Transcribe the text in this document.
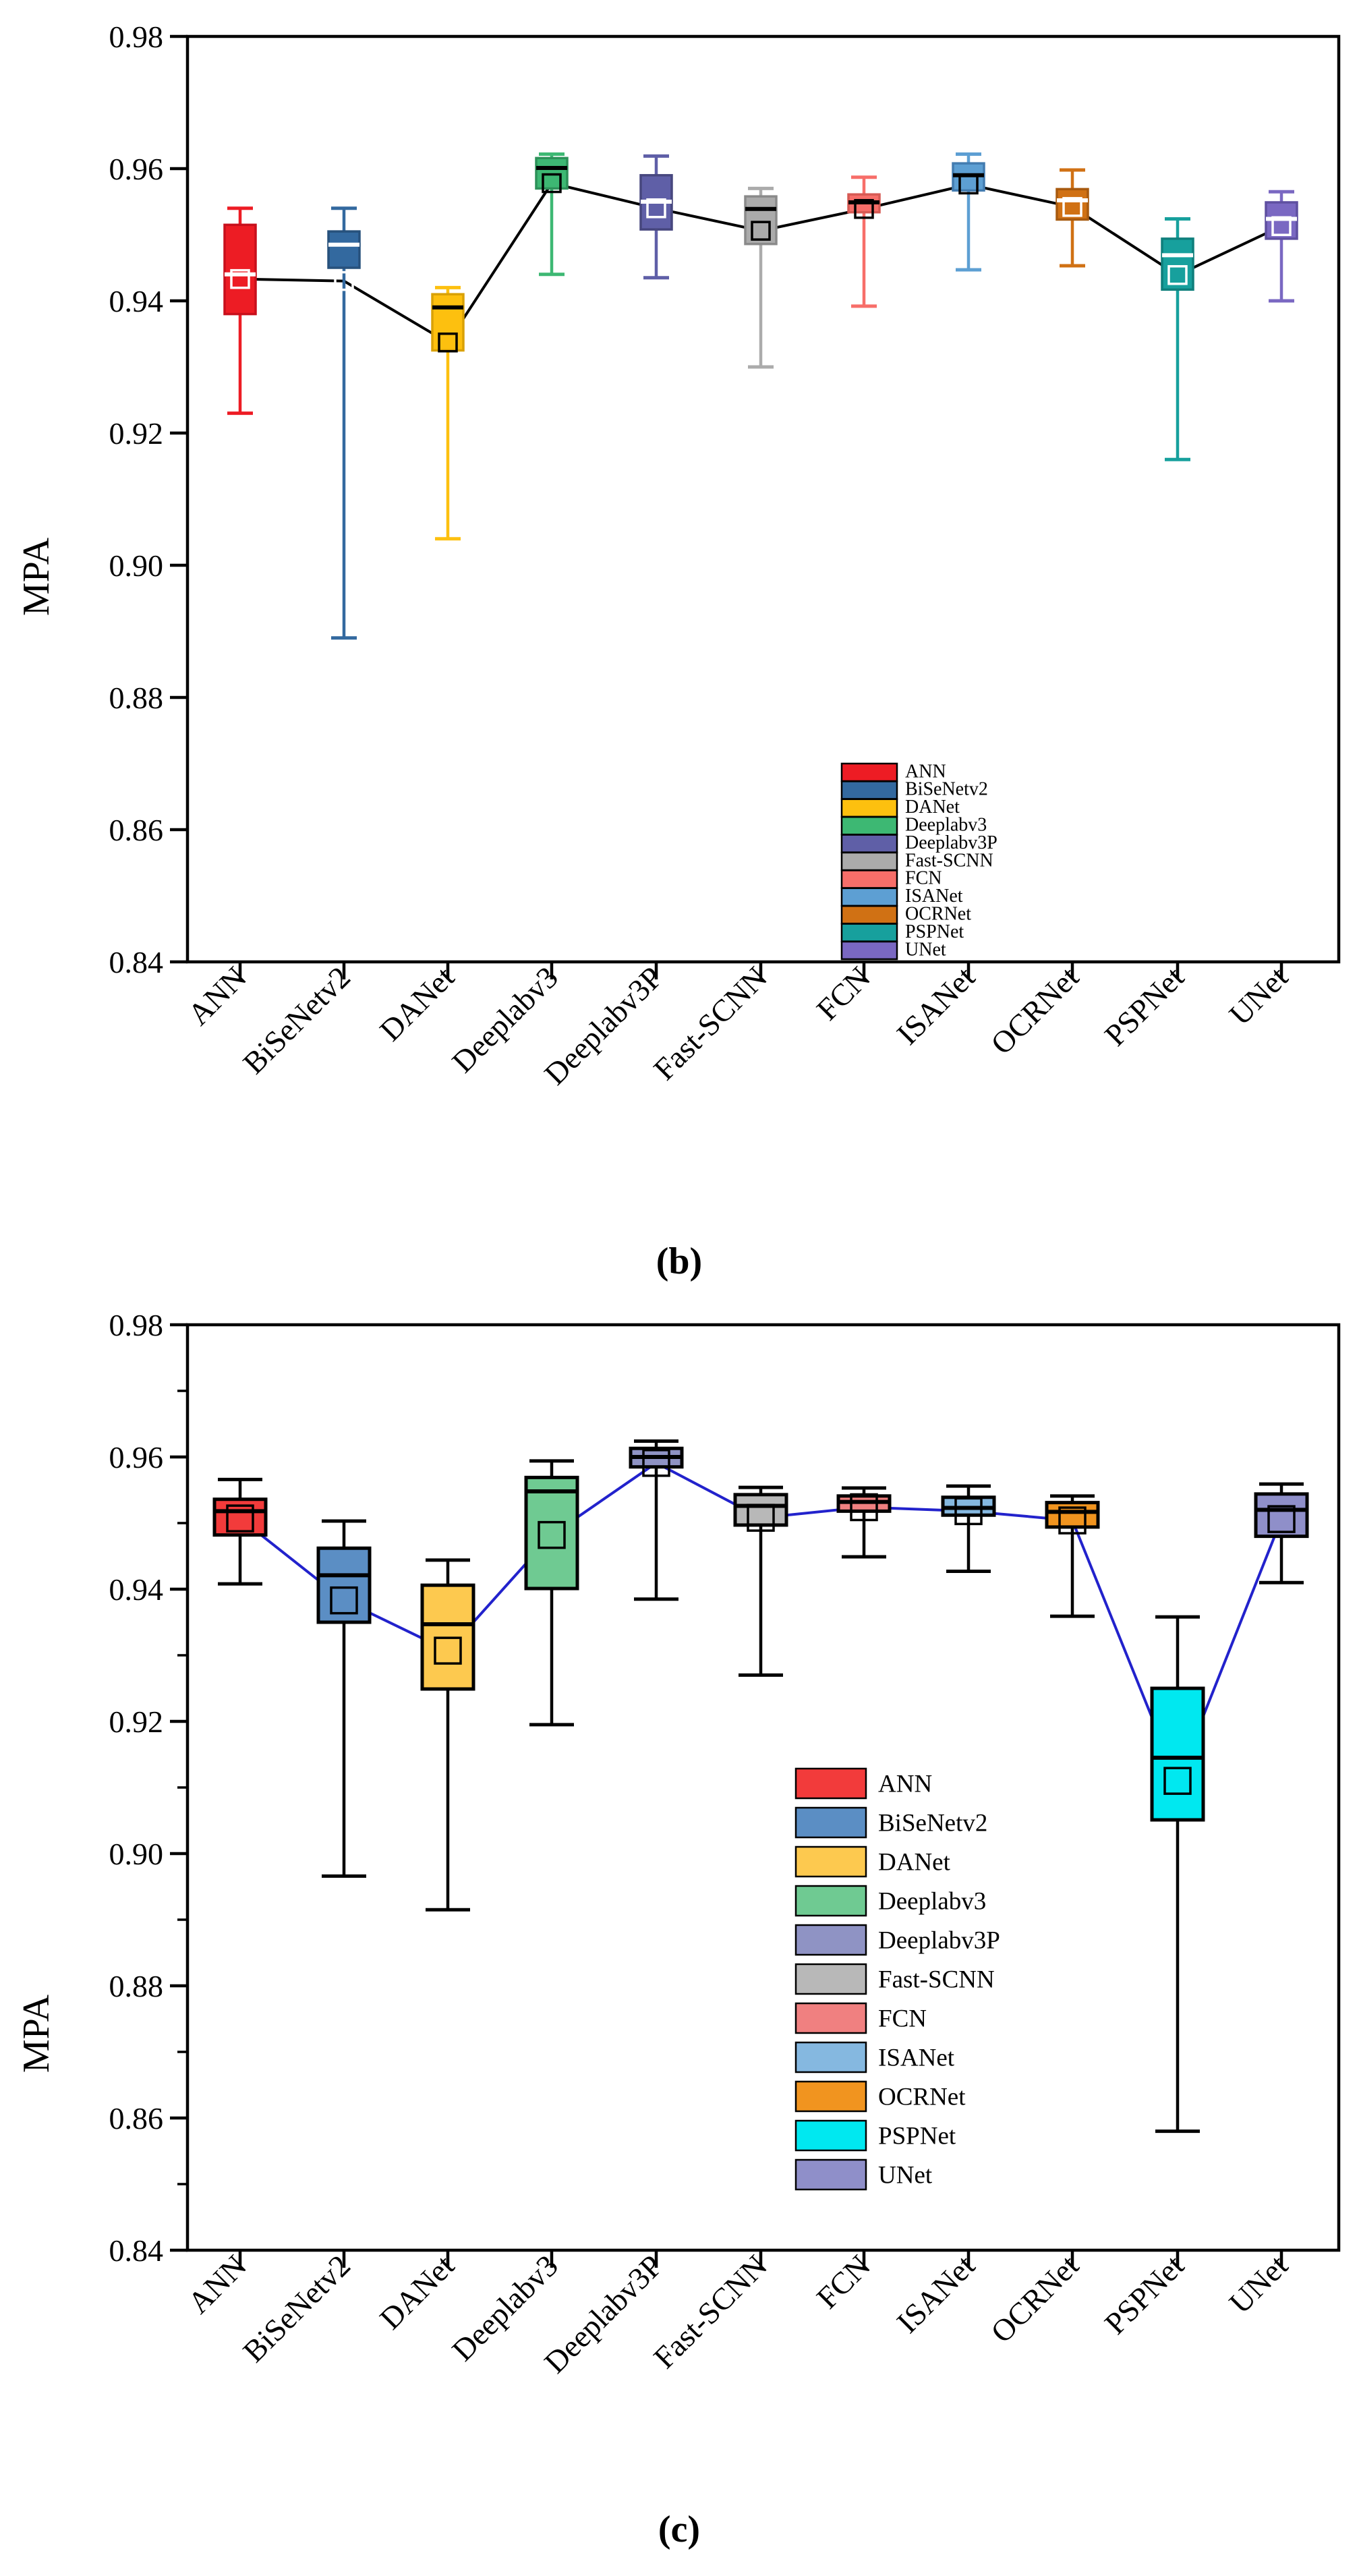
0.98
0.96
0.94
0.92
0.90
0.88
0.86
0.84 ANN
BiSeNetv2 DANet
Deeplabv3
Deeplabv3P
Fast-SCNN FCN ISANet OCRNet PSPNet UNet
MPA
ANN
BiSeNetv2
DANet
Deeplabv3
Deeplabv3P
Fast-SCNN
FCN
ISANet
OCRNet
PSPNet
UNet
(b)
0.98
0.96
0.94
0.92
0.90
0.88
0.86
0.84 ANN
BiSeNetv2 DANet
Deeplabv3
Deeplabv3P
Fast-SCNN FCN ISANet OCRNet PSPNet UNet
MPA
ANN
BiSeNetv2
DANet
Deeplabv3
Deeplabv3P
Fast-SCNN
FCN
ISANet
OCRNet
PSPNet
UNet
(c)
